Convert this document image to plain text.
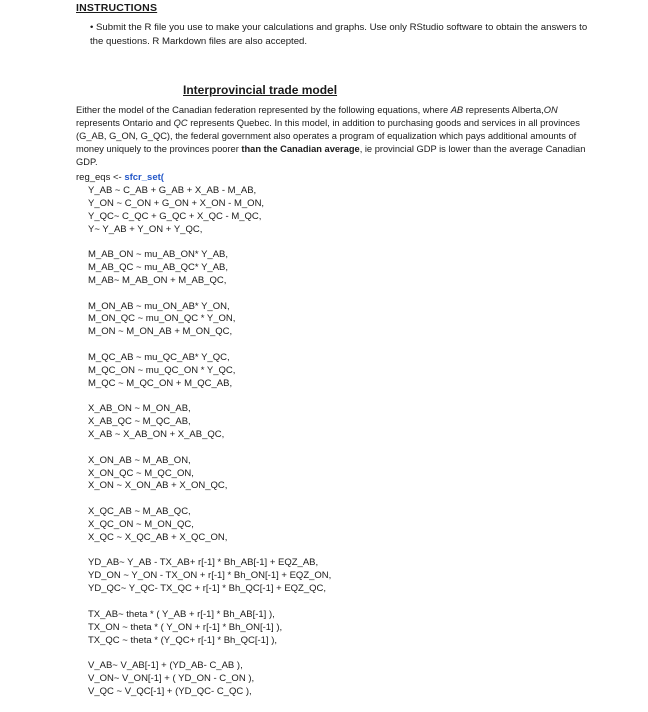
INSTRUCTIONS
• Submit the R file you use to make your calculations and graphs. Use only RStudio software to obtain the answers to the questions. R Markdown files are also accepted.
Interprovincial trade model
Either the model of the Canadian federation represented by the following equations, where AB represents Alberta,ON represents Ontario and QC represents Quebec. In this model, in addition to purchasing goods and services in all provinces (G_AB, G_ON, G_QC), the federal government also operates a program of equalization which pays additional amounts of money uniquely to the provinces poorer than the Canadian average, ie provincial GDP is lower than the average Canadian GDP.
reg_eqs <- sfcr_set(
Y_AB ~ C_AB + G_AB + X_AB - M_AB,
Y_ON ~ C_ON + G_ON + X_ON - M_ON,
Y_QC~ C_QC + G_QC + X_QC - M_QC,
Y~ Y_AB + Y_ON + Y_QC,
M_AB_ON ~ mu_AB_ON* Y_AB,
M_AB_QC ~ mu_AB_QC* Y_AB,
M_AB~ M_AB_ON + M_AB_QC,
M_ON_AB ~ mu_ON_AB* Y_ON,
M_ON_QC ~ mu_ON_QC * Y_ON,
M_ON ~ M_ON_AB + M_ON_QC,
M_QC_AB ~ mu_QC_AB* Y_QC,
M_QC_ON ~ mu_QC_ON * Y_QC,
M_QC ~ M_QC_ON + M_QC_AB,
X_AB_ON ~ M_ON_AB,
X_AB_QC ~ M_QC_AB,
X_AB ~ X_AB_ON + X_AB_QC,
X_ON_AB ~ M_AB_ON,
X_ON_QC ~ M_QC_ON,
X_ON ~ X_ON_AB + X_ON_QC,
X_QC_AB ~ M_AB_QC,
X_QC_ON ~ M_ON_QC,
X_QC ~ X_QC_AB + X_QC_ON,
YD_AB~ Y_AB - TX_AB+ r[-1] * Bh_AB[-1] + EQZ_AB,
YD_ON ~ Y_ON - TX_ON + r[-1] * Bh_ON[-1] + EQZ_ON,
YD_QC~ Y_QC- TX_QC + r[-1] * Bh_QC[-1] + EQZ_QC,
TX_AB~ theta * ( Y_AB + r[-1] * Bh_AB[-1] ),
TX_ON ~ theta * ( Y_ON + r[-1] * Bh_ON[-1] ),
TX_QC ~ theta * (Y_QC+ r[-1] * Bh_QC[-1] ),
V_AB~ V_AB[-1] + (YD_AB- C_AB ),
V_ON~ V_ON[-1] + ( YD_ON - C_ON ),
V_QC ~ V_QC[-1] + (YD_QC- C_QC ),
